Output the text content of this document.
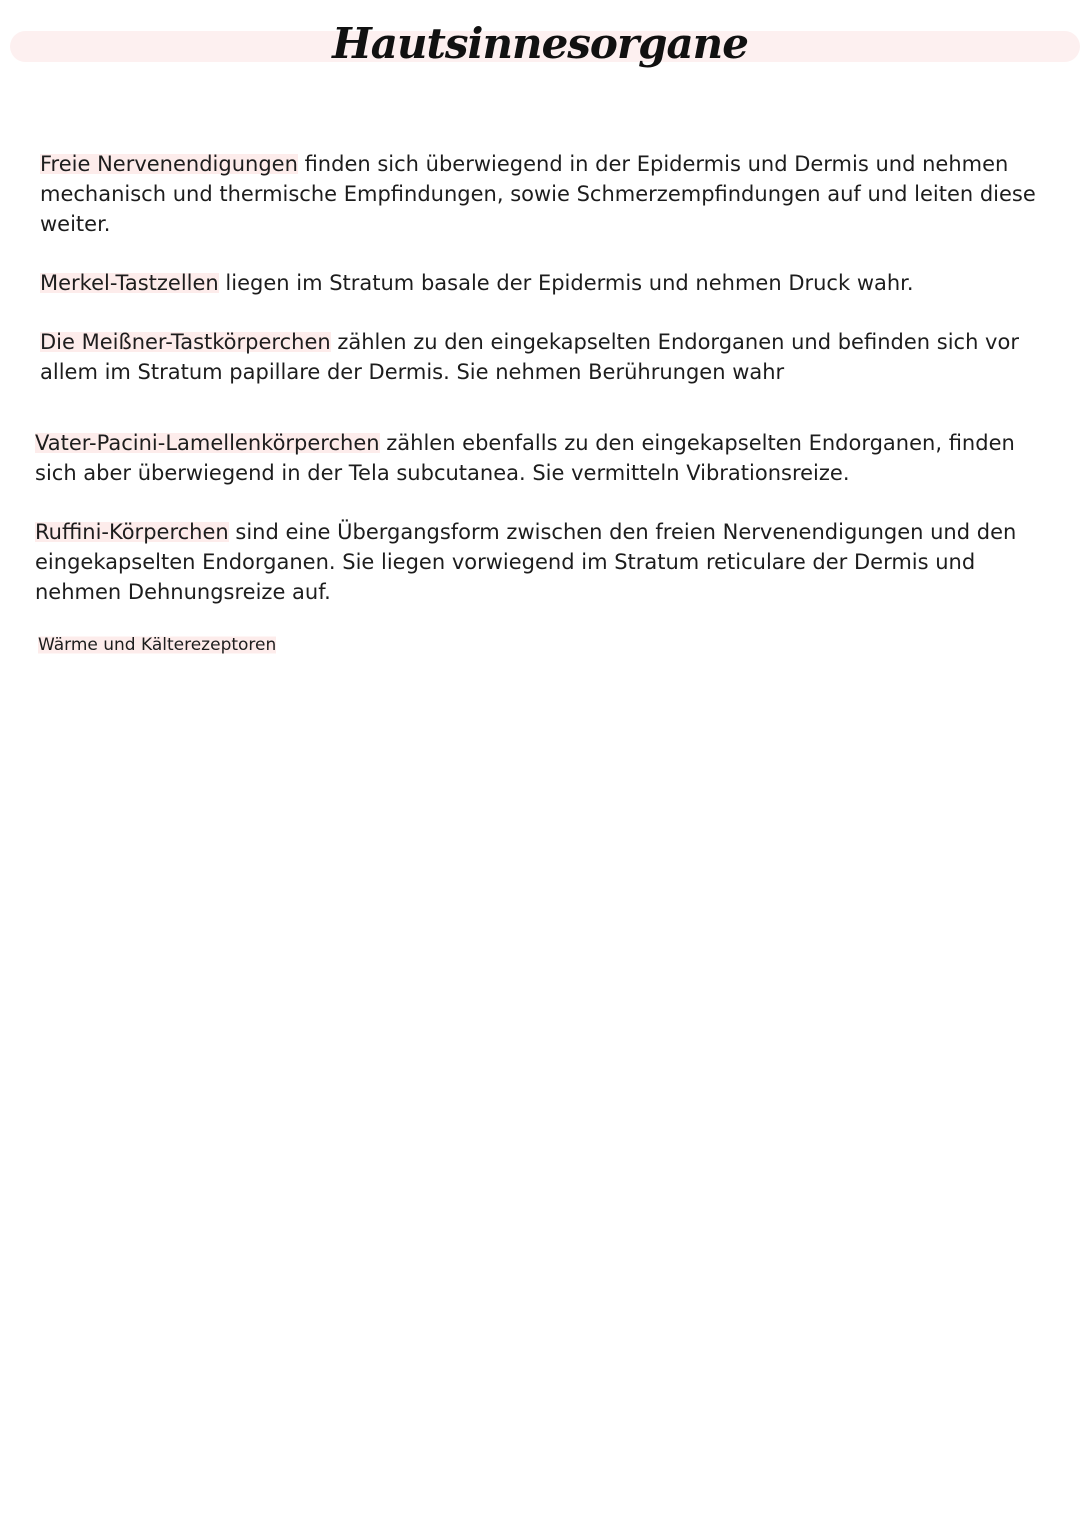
Hautsinnesorgane

Freie Nervenendigungen finden sich überwiegend in der Epidermis und Dermis und nehmen mechanisch und thermische Empfindungen, sowie Schmerzempfindungen auf und leiten diese weiter.

Merkel-Tastzellen liegen im Stratum basale der Epidermis und nehmen Druck wahr.

Die Meißner-Tastkörperchen zählen zu den eingekapselten Endorganen und befinden sich vor allem im Stratum papillare der Dermis. Sie nehmen Berührungen wahr

Vater-Pacini-Lamellenkörperchen zählen ebenfalls zu den eingekapselten Endorganen, finden sich aber überwiegend in der Tela subcutanea. Sie vermitteln Vibrationsreize.

Ruffini-Körperchen sind eine Übergangsform zwischen den freien Nervenendigungen und den eingekapselten Endorganen. Sie liegen vorwiegend im Stratum reticulare der Dermis und nehmen Dehnungsreize auf.

Wärme und Kälterezeptoren
